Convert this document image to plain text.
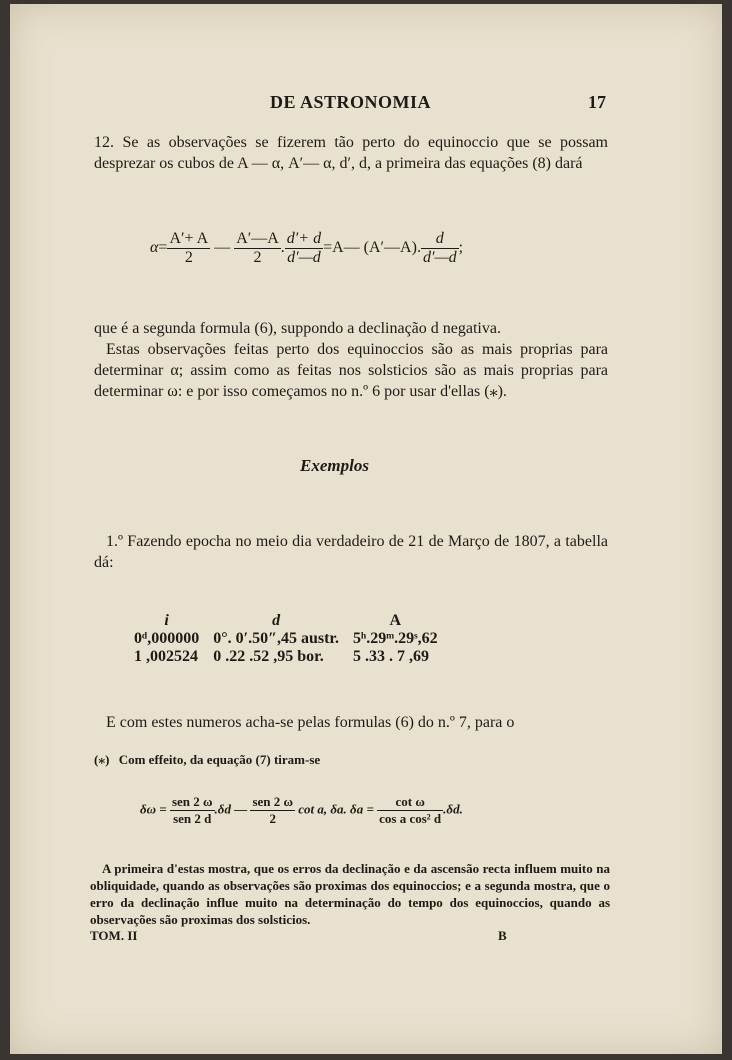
DE ASTRONOMIA	17
12. Se as observações se fizerem tão perto do equinoccio que se possam desprezar os cubos de A — α, A′— α, d′, d, a primeira das equações (8) dará
$\alpha= \frac{A'+ A}{2}$ — $\frac{A'—A}{2}$ . $\frac{d'+ d}{d'—d}$ =A— (A′—A). $\frac{d}{d'—d}$ ;
que é a segunda formula (6), suppondo a declinação d negativa.
Estas observações feitas perto dos equinoccios são as mais proprias para determinar α; assim como as feitas nos solsticios são as mais proprias para determinar ω: e por isso começamos no n.º 6 por usar d'ellas (⁎).
Exemplos
1.º Fazendo epocha no meio dia verdadeiro de 21 de Março de 1807, a tabella dá:
i	d	A
0ᵈ,000000	0°. 0′.50″,45 austr.	5ʰ.29ᵐ.29ˢ,62
1 ,002524	0 .22 .52 ,95 bor.	5 .33 . 7 ,69
E com estes numeros acha-se pelas formulas (6) do n.º 7, para o
(⁎) Com effeito, da equação (7) tiram-se
$\delta\omega = \frac{\text{sen 2 ω}}{\text{sen 2 d}} .\delta d$ — $\frac{\text{sen 2 ω}}{2}$ cot a, δa. $\delta a = \frac{\text{cot ω}}{\text{cos a cos² d}} .\delta d$.
A primeira d'estas mostra, que os erros da declinação e da ascensão recta influem muito na obliquidade, quando as observações são proximas dos equinoccios; e a segunda mostra, que o erro da declinação influe muito na determinação do tempo dos equinoccios, quando as observações são proximas dos solsticios.
TOM. II	B
